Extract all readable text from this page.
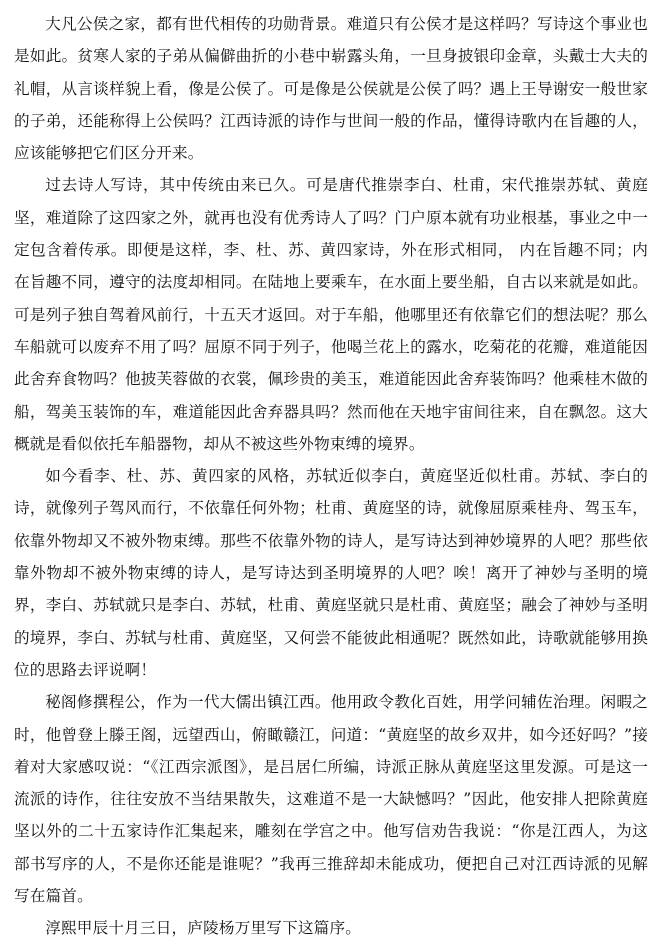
大凡公侯之家，都有世代相传的功勋背景。难道只有公侯才是这样吗？写诗这个事业也是如此。贫寒人家的子弟从偏僻曲折的小巷中崭露头角，一旦身披银印金章，头戴士大夫的礼帽，从言谈样貌上看，像是公侯了。可是像是公侯就是公侯了吗？遇上王导谢安一般世家的子弟，还能称得上公侯吗？江西诗派的诗作与世间一般的作品，懂得诗歌内在旨趣的人，应该能够把它们区分开来。

过去诗人写诗，其中传统由来已久。可是唐代推崇李白、杜甫，宋代推崇苏轼、黄庭坚，难道除了这四家之外，就再也没有优秀诗人了吗？门户原本就有功业根基，事业之中一定包含着传承。即便是这样，李、杜、苏、黄四家诗，外在形式相同， 内在旨趣不同；内在旨趣不同，遵守的法度却相同。在陆地上要乘车，在水面上要坐船，自古以来就是如此。可是列子独自驾着风前行，十五天才返回。对于车船，他哪里还有依靠它们的想法呢？那么车船就可以废弃不用了吗？屈原不同于列子，他喝兰花上的露水，吃菊花的花瓣，难道能因此舍弃食物吗？他披芙蓉做的衣裳，佩珍贵的美玉，难道能因此舍弃装饰吗？他乘桂木做的船，驾美玉装饰的车，难道能因此舍弃器具吗？然而他在天地宇宙间往来，自在飘忽。这大概就是看似依托车船器物，却从不被这些外物束缚的境界。

如今看李、杜、苏、黄四家的风格，苏轼近似李白，黄庭坚近似杜甫。苏轼、李白的诗，就像列子驾风而行，不依靠任何外物；杜甫、黄庭坚的诗，就像屈原乘桂舟、驾玉车，依靠外物却又不被外物束缚。那些不依靠外物的诗人，是写诗达到神妙境界的人吧？那些依靠外物却不被外物束缚的诗人，是写诗达到圣明境界的人吧？唉！离开了神妙与圣明的境界，李白、苏轼就只是李白、苏轼，杜甫、黄庭坚就只是杜甫、黄庭坚；融会了神妙与圣明的境界，李白、苏轼与杜甫、黄庭坚，又何尝不能彼此相通呢？既然如此，诗歌就能够用换位的思路去评说啊！

秘阁修撰程公，作为一代大儒出镇江西。他用政令教化百姓，用学问辅佐治理。闲暇之时，他曾登上滕王阁，远望西山，俯瞰赣江，问道：“黄庭坚的故乡双井，如今还好吗？”接着对大家感叹说：“《江西宗派图》，是吕居仁所编，诗派正脉从黄庭坚这里发源。可是这一流派的诗作，往往安放不当结果散失，这难道不是一大缺憾吗？”因此，他安排人把除黄庭坚以外的二十五家诗作汇集起来，雕刻在学宫之中。他写信劝告我说：“你是江西人，为这部书写序的人，不是你还能是谁呢？”我再三推辞却未能成功，便把自己对江西诗派的见解写在篇首。

淳熙甲辰十月三日，庐陵杨万里写下这篇序。
